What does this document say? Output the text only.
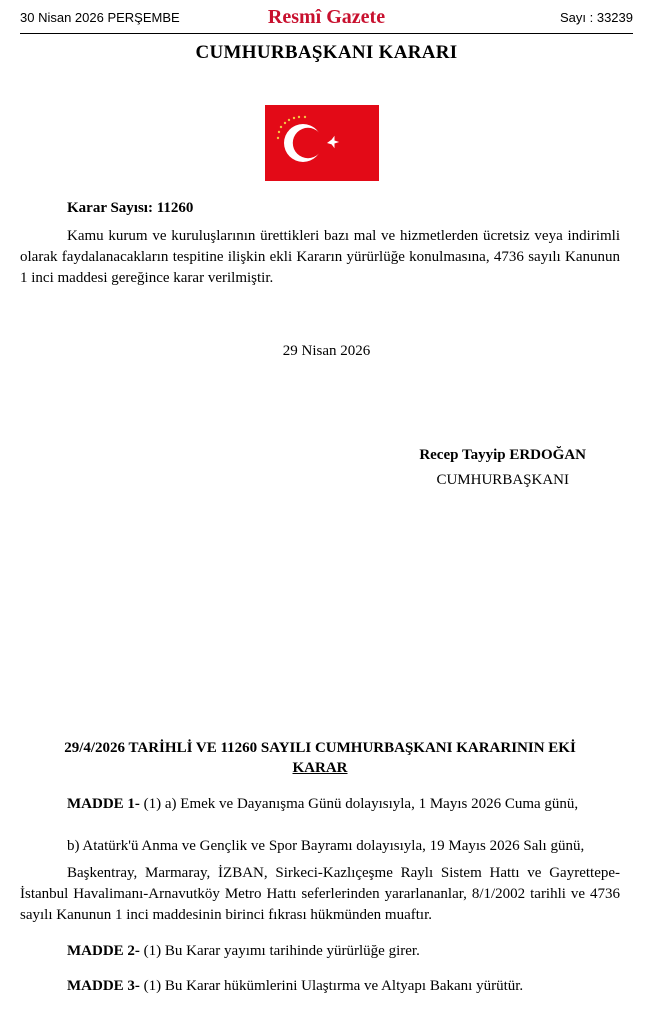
30 Nisan 2026 PERŞEMBE	Resmî Gazete	Sayı : 33239
CUMHURBAŞKANI KARARI
Karar Sayısı: 11260
Kamu kurum ve kuruluşlarının ürettikleri bazı mal ve hizmetlerden ücretsiz veya indirimli olarak faydalanacakların tespitine ilişkin ekli Kararın yürürlüğe konulmasına, 4736 sayılı Kanunun 1 inci maddesi gereğince karar verilmiştir.
29 Nisan 2026
Recep Tayyip ERDOĞAN
CUMHURBAŞKANI
29/4/2026 TARİHLİ VE 11260 SAYILI CUMHURBAŞKANI KARARININ EKİ
KARAR
MADDE 1- (1) a) Emek ve Dayanışma Günü dolayısıyla, 1 Mayıs 2026 Cuma günü,
b) Atatürk'ü Anma ve Gençlik ve Spor Bayramı dolayısıyla, 19 Mayıs 2026 Salı günü,
Başkentray, Marmaray, İZBAN, Sirkeci-Kazlıçeşme Raylı Sistem Hattı ve Gayrettepe-İstanbul Havalimanı-Arnavutköy Metro Hattı seferlerinden yararlananlar, 8/1/2002 tarihli ve 4736 sayılı Kanunun 1 inci maddesinin birinci fıkrası hükmünden muaftır.
MADDE 2- (1) Bu Karar yayımı tarihinde yürürlüğe girer.
MADDE 3- (1) Bu Karar hükümlerini Ulaştırma ve Altyapı Bakanı yürütür.
